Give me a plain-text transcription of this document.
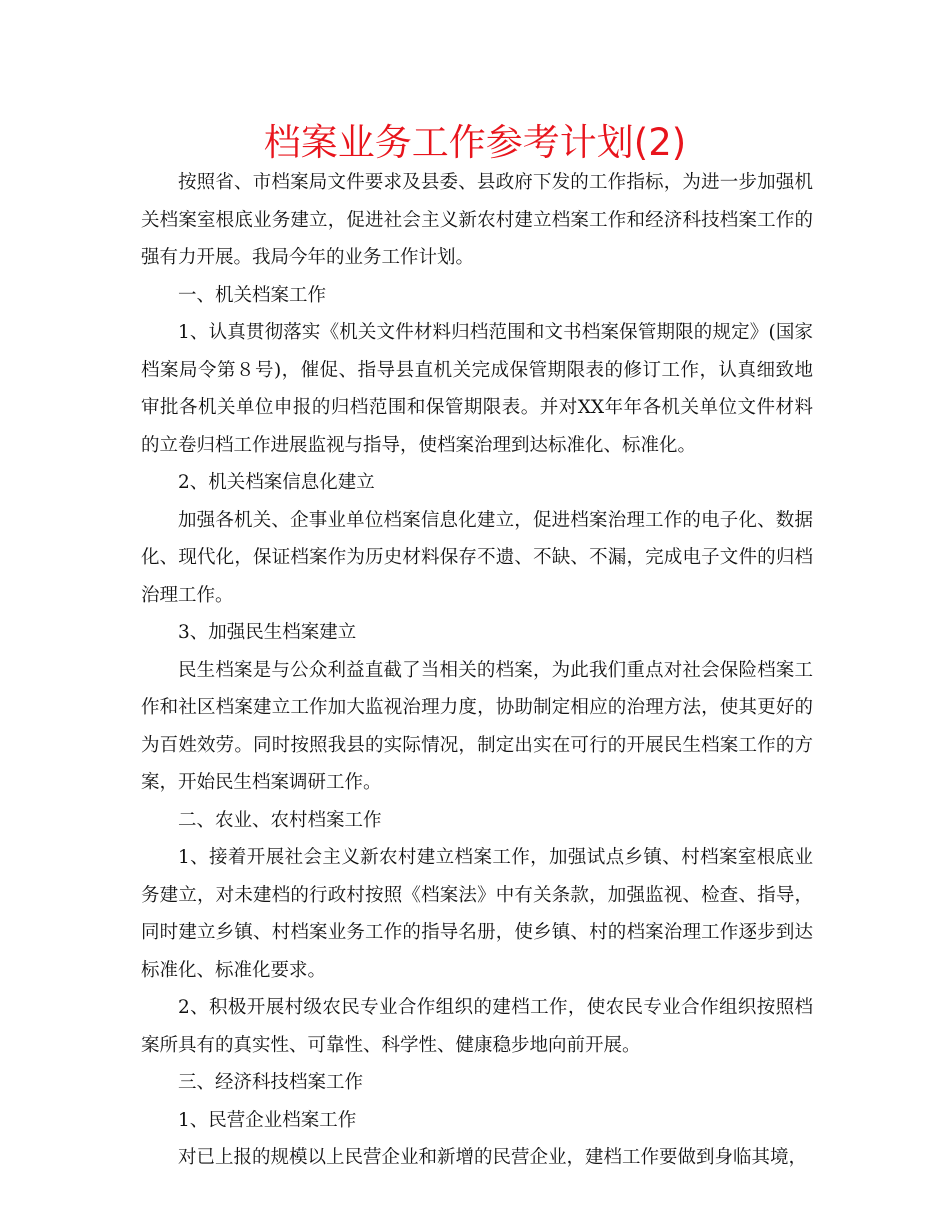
档案业务工作参考计划(2)

按照省、市档案局文件要求及县委、县政府下发的工作指标，为进一步加强机关档案室根底业务建立，促进社会主义新农村建立档案工作和经济科技档案工作的强有力开展。我局今年的业务工作计划。

一、机关档案工作

1、认真贯彻落实《机关文件材料归档范围和文书档案保管期限的规定》(国家档案局令第８号)，催促、指导县直机关完成保管期限表的修订工作，认真细致地审批各机关单位申报的归档范围和保管期限表。并对XX年年各机关单位文件材料的立卷归档工作进展监视与指导，使档案治理到达标准化、标准化。

2、机关档案信息化建立

加强各机关、企事业单位档案信息化建立，促进档案治理工作的电子化、数据化、现代化，保证档案作为历史材料保存不遗、不缺、不漏，完成电子文件的归档治理工作。

3、加强民生档案建立

民生档案是与公众利益直截了当相关的档案，为此我们重点对社会保险档案工作和社区档案建立工作加大监视治理力度，协助制定相应的治理方法，使其更好的为百姓效劳。同时按照我县的实际情况，制定出实在可行的开展民生档案工作的方案，开始民生档案调研工作。

二、农业、农村档案工作

1、接着开展社会主义新农村建立档案工作，加强试点乡镇、村档案室根底业务建立，对未建档的行政村按照《档案法》中有关条款，加强监视、检查、指导，同时建立乡镇、村档案业务工作的指导名册，使乡镇、村的档案治理工作逐步到达标准化、标准化要求。

2、积极开展村级农民专业合作组织的建档工作，使农民专业合作组织按照档案所具有的真实性、可靠性、科学性、健康稳步地向前开展。

三、经济科技档案工作

1、民营企业档案工作

对已上报的规模以上民营企业和新增的民营企业，建档工作要做到身临其境，
